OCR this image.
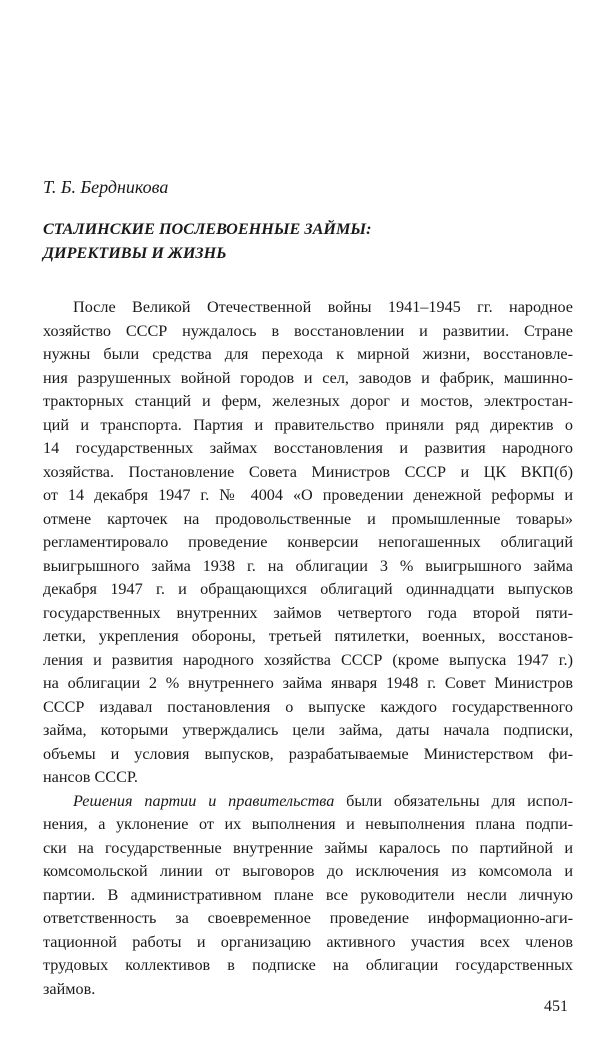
Т. Б. Бердникова
СТАЛИНСКИЕ ПОСЛЕВОЕННЫЕ ЗАЙМЫ:
ДИРЕКТИВЫ И ЖИЗНЬ
После Великой Отечественной войны 1941–1945 гг. народное
хозяйство СССР нуждалось в восстановлении и развитии. Стране
нужны были средства для перехода к мирной жизни, восстановле-
ния разрушенных войной городов и сел, заводов и фабрик, машинно-
тракторных станций и ферм, железных дорог и мостов, электростан-
ций и транспорта. Партия и правительство приняли ряд директив о
14 государственных займах восстановления и развития народного
хозяйства. Постановление Совета Министров СССР и ЦК ВКП(б)
от 14 декабря 1947 г. № 4004 «О проведении денежной реформы и
отмене карточек на продовольственные и промышленные товары»
регламентировало проведение конверсии непогашенных облигаций
выигрышного займа 1938 г. на облигации 3 % выигрышного займа
декабря 1947 г. и обращающихся облигаций одиннадцати выпусков
государственных внутренних займов четвертого года второй пяти-
летки, укрепления обороны, третьей пятилетки, военных, восстанов-
ления и развития народного хозяйства СССР (кроме выпуска 1947 г.)
на облигации 2 % внутреннего займа января 1948 г. Совет Министров
СССР издавал постановления о выпуске каждого государственного
займа, которыми утверждались цели займа, даты начала подписки,
объемы и условия выпусков, разрабатываемые Министерством фи-
нансов СССР.
Решения партии и правительства были обязательны для испол-
нения, а уклонение от их выполнения и невыполнения плана подпи-
ски на государственные внутренние займы каралось по партийной и
комсомольской линии от выговоров до исключения из комсомола и
партии. В административном плане все руководители несли личную
ответственность за своевременное проведение информационно-аги-
тационной работы и организацию активного участия всех членов
трудовых коллективов в подписке на облигации государственных
займов.
451
